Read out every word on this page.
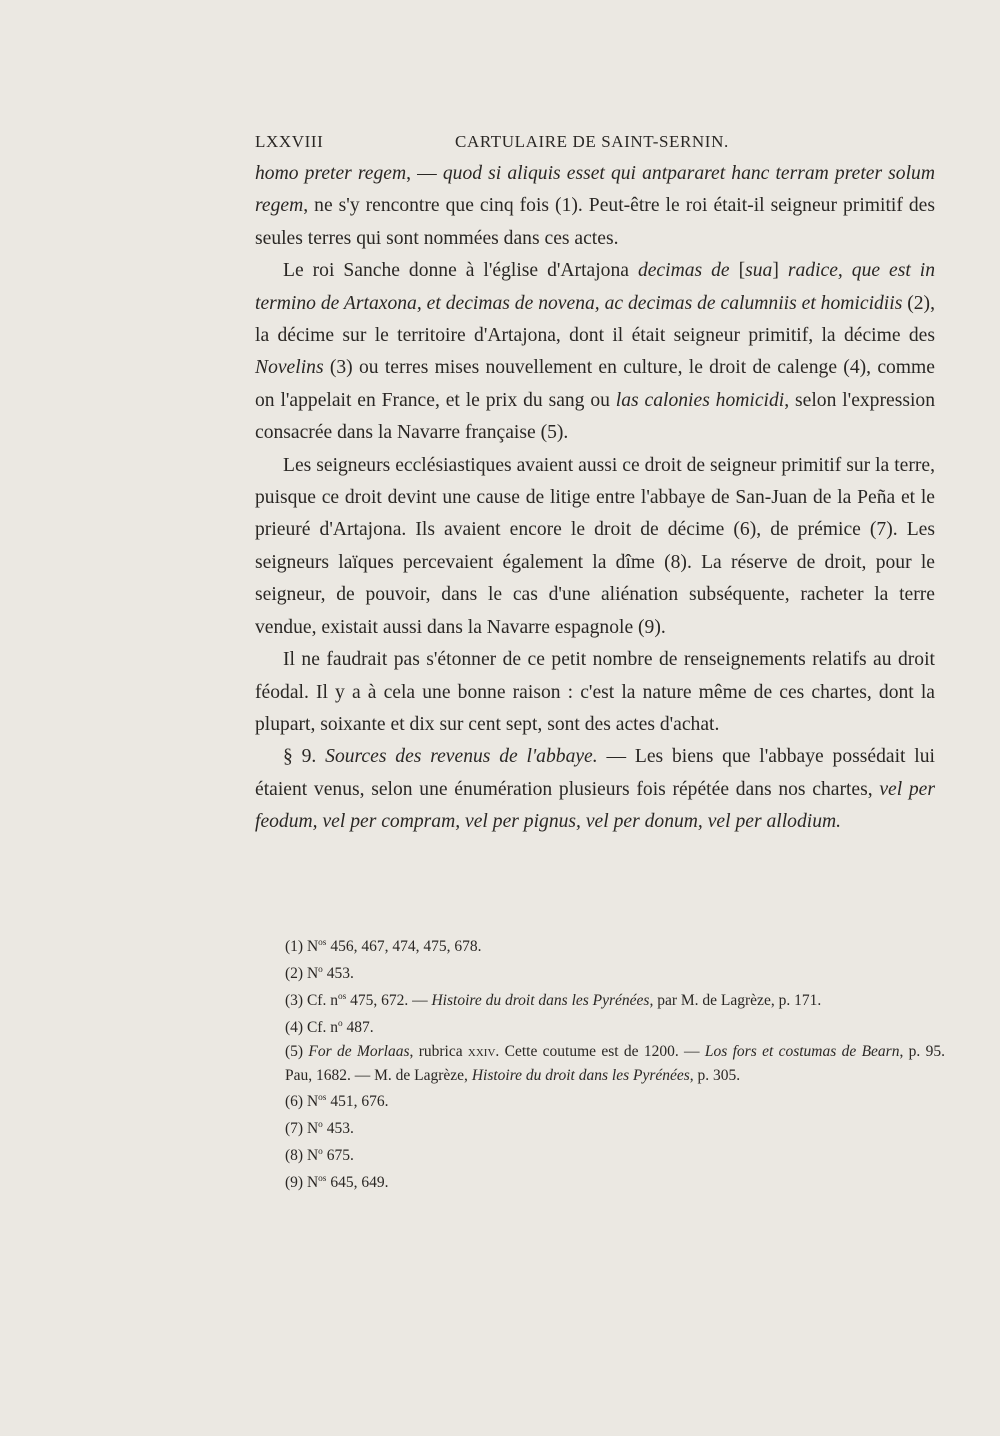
LXXVIII	CARTULAIRE DE SAINT-SERNIN.

homo preter regem, — quod si aliquis esset qui antpararet hanc terram preter solum regem, ne s'y rencontre que cinq fois (1). Peut-être le roi était-il seigneur primitif des seules terres qui sont nommées dans ces actes.

Le roi Sanche donne à l'église d'Artajona decimas de [sua] radice, que est in termino de Artaxona, et decimas de novena, ac decimas de calumniis et homicidiis (2), la décime sur le territoire d'Artajona, dont il était seigneur primitif, la décime des Novelins (3) ou terres mises nouvellement en culture, le droit de calenge (4), comme on l'appelait en France, et le prix du sang ou las calonies homicidi, selon l'expression consacrée dans la Navarre française (5).

Les seigneurs ecclésiastiques avaient aussi ce droit de seigneur primitif sur la terre, puisque ce droit devint une cause de litige entre l'abbaye de San-Juan de la Peña et le prieuré d'Artajona. Ils avaient encore le droit de décime (6), de prémice (7). Les seigneurs laïques percevaient également la dîme (8). La réserve de droit, pour le seigneur, de pouvoir, dans le cas d'une aliénation subséquente, racheter la terre vendue, existait aussi dans la Navarre espagnole (9).

Il ne faudrait pas s'étonner de ce petit nombre de renseignements relatifs au droit féodal. Il y a à cela une bonne raison : c'est la nature même de ces chartes, dont la plupart, soixante et dix sur cent sept, sont des actes d'achat.

§ 9. Sources des revenus de l'abbaye. — Les biens que l'abbaye possédait lui étaient venus, selon une énumération plusieurs fois répétée dans nos chartes, vel per feodum, vel per compram, vel per pignus, vel per donum, vel per allodium.

(1) $N^{os}$ 456, 467, 474, 475, 678.

(2) $N^o$ 453.

(3) Cf. $n^{os}$ 475, 672. — Histoire du droit dans les Pyrénées, par M. de Lagrèze, p. 171.

(4) Cf. $n^o$ 487.

(5) For de Morlaas, rubrica xxiv. Cette coutume est de 1200. — Los fors et costumas de Bearn, p. 95. Pau, 1682. — M. de Lagrèze, Histoire du droit dans les Pyrénées, p. 305.

(6) $N^{os}$ 451, 676.

(7) $N^o$ 453.

(8) $N^o$ 675.

(9) $N^{os}$ 645, 649.
